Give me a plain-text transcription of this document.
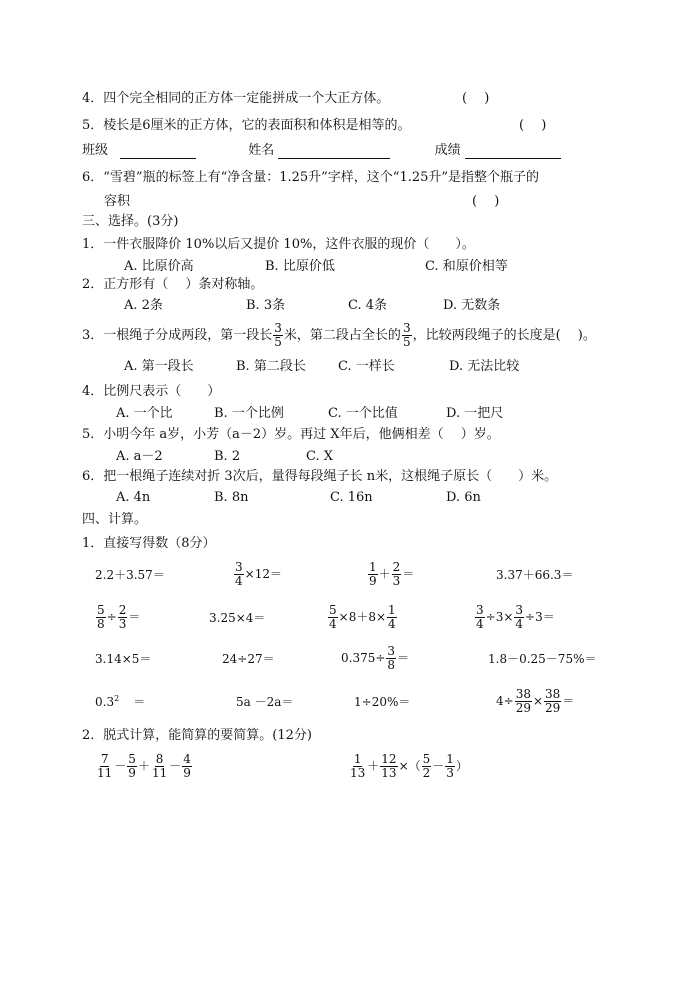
4．四个完全相同的正方体一定能拼成一个大正方体。	(　 )
5．棱长是6厘米的正方体，它的表面积和体积是相等的。	(　 )
班级	姓名	成绩
6．“雪碧”瓶的标签上有“净含量：1.25升”字样，这个“1.25升”是指整个瓶子的
容积	(　 )
三、选择。(3分)
1．一件衣服降价 10%以后又提价 10%，这件衣服的现价（　　）。
A. 比原价高	B. 比原价低	C. 和原价相等
2．正方形有（　 ）条对称轴。
A. 2条	B. 3条	C. 4条	D. 无数条
3．一根绳子分成两段，第一段长 $\frac{3}{5}$ 米，第二段占全长的 $\frac{3}{5}$ ，比较两段绳子的长度是(　 )。
A. 第一段长	B. 第二段长 C. 一样长	D. 无法比较
4．比例尺表示（　　）
A. 一个比	B. 一个比例	C. 一个比值	D. 一把尺
5．小明今年 a岁，小芳（a－2）岁。再过 X年后，他俩相差（　 ）岁。
A. a－2	B. 2	C. X
6．把一根绳子连续对折 3次后，量得每段绳子长 n米，这根绳子原长（　　）米。
A. 4n	B. 8n	C. 16n	D. 6n
四、计算。
1．直接写得数（8分）
2.2＋3.57＝	$\frac{3}{4} \times 12=$	$\frac{1}{9} + \frac{2}{3}$ ＝	3.37＋66.3＝
$\frac{5}{8} \div \frac{2}{3}$ ＝	3.25×4＝	$\frac{5}{4} \times 8+8\times \frac{1}{4}$	$\frac{3}{4} \div 3\times \frac{3}{4} \div 3=$
3.14×5＝	24÷27＝	$0.375\div \frac{3}{8}$ ＝	1.8－0.25－75%＝
$0.3^2$ ＝	5a －2a＝	1÷20%＝	$4\div \frac{38}{29} \times \frac{38}{29}$ ＝
2．脱式计算，能简算的要简算。(12分)
$\frac{7}{11} - \frac{5}{9} + \frac{8}{11} - \frac{4}{9}$	$\frac{1}{13} + \frac{12}{13}$ ×（ $\frac{5}{2} - \frac{1}{3}$ ）
